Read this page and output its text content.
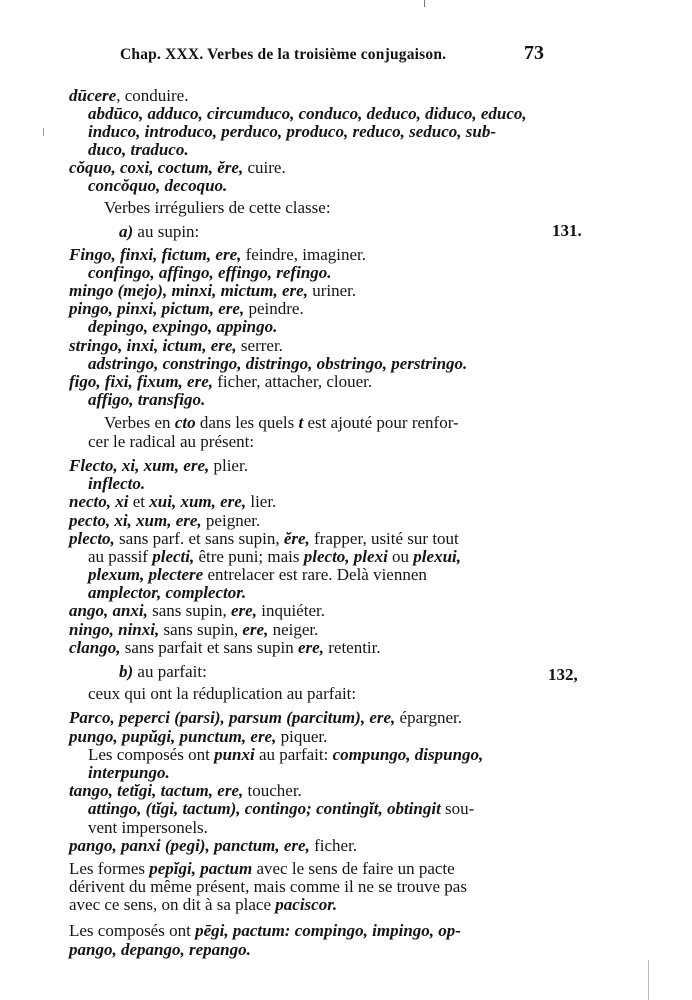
Chap. XXX. Verbes de la troisième conjugaison.	73
dūcere, conduire.
abdūco, adduco, circumduco, conduco, deduco, diduco, educo,
induco, introduco, perduco, produco, reduco, seduco, sub-
duco, traduco.
cŏquo, coxi, coctum, ĕre, cuire.
concŏquo, decoquo.
Verbes irréguliers de cette classe:
a) au supin:	131.
Fingo, finxi, fictum, ere, feindre, imaginer.
confingo, affingo, effingo, refingo.
mingo (mejo), minxi, mictum, ere, uriner.
pingo, pinxi, pictum, ere, peindre.
depingo, expingo, appingo.
stringo, inxi, ictum, ere, serrer.
adstringo, constringo, distringo, obstringo, perstringo.
figo, fixi, fixum, ere, ficher, attacher, clouer.
affigo, transfigo.
Verbes en cto dans les quels t est ajouté pour renfor-
cer le radical au présent:
Flecto, xi, xum, ere, plier.
inflecto.
necto, xi et xui, xum, ere, lier.
pecto, xi, xum, ere, peigner.
plecto, sans parf. et sans supin, ĕre, frapper, usité sur tout
au passif plecti, être puni; mais plecto, plexi ou plexui,
plexum, plectere entrelacer est rare. Delà viennen
amplector, complector.
ango, anxi, sans supin, ere, inquiéter.
ningo, ninxi, sans supin, ere, neiger.
clango, sans parfait et sans supin ere, retentir.
b) au parfait:	132,
ceux qui ont la réduplication au parfait:
Parco, peperci (parsi), parsum (parcitum), ere, épargner.
pungo, pupŭgi, punctum, ere, piquer.
Les composés ont punxi au parfait: compungo, dispungo,
interpungo.
tango, tetĭgi, tactum, ere, toucher.
attingo, (tĭgi, tactum), contingo; contingĭt, obtingit sou-
vent impersonels.
pango, panxi (pegi), panctum, ere, ficher.
Les formes pepĭgi, pactum avec le sens de faire un pacte
dérivent du même présent, mais comme il ne se trouve pas
avec ce sens, on dit à sa place paciscor.
Les composés ont pēgi, pactum: compingo, impingo, op-
pango, depango, repango.
